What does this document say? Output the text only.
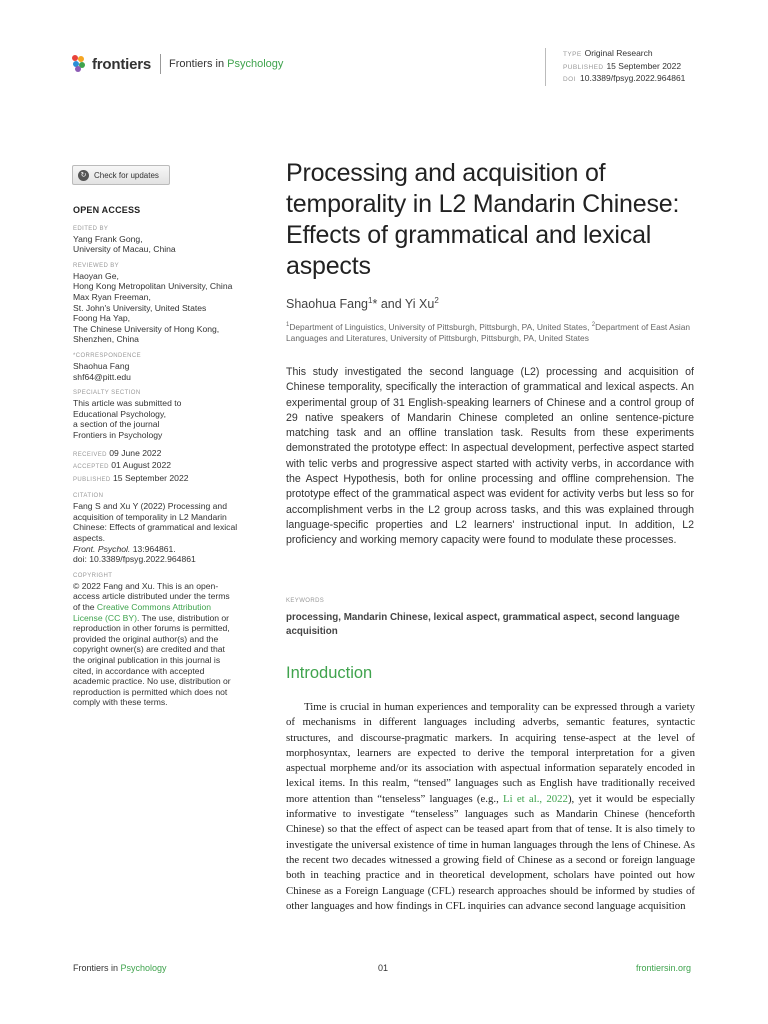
frontiers Frontiers in Psychology
TYPE Original Research
PUBLISHED 15 September 2022
DOI 10.3389/fpsyg.2022.964861
↻ Check for updates
OPEN ACCESS
EDITED BY
Yang Frank Gong,
University of Macau, China
REVIEWED BY
Haoyan Ge,
Hong Kong Metropolitan University, China
Max Ryan Freeman,
St. John's University, United States
Foong Ha Yap,
The Chinese University of Hong Kong,
Shenzhen, China
*CORRESPONDENCE
Shaohua Fang
shf64@pitt.edu
SPECIALTY SECTION
This article was submitted to
Educational Psychology,
a section of the journal
Frontiers in Psychology
RECEIVED 09 June 2022
ACCEPTED 01 August 2022
PUBLISHED 15 September 2022
CITATION
Fang S and Xu Y (2022) Processing and
acquisition of temporality in L2 Mandarin
Chinese: Effects of grammatical and lexical
aspects.
Front. Psychol. 13:964861.
doi: 10.3389/fpsyg.2022.964861
COPYRIGHT
© 2022 Fang and Xu. This is an open-
access article distributed under the terms
of the Creative Commons Attribution
License (CC BY). The use, distribution or
reproduction in other forums is permitted,
provided the original author(s) and the
copyright owner(s) are credited and that
the original publication in this journal is
cited, in accordance with accepted
academic practice. No use, distribution or
reproduction is permitted which does not
comply with these terms.
Processing and acquisition of temporality in L2 Mandarin Chinese: Effects of grammatical and lexical aspects
Shaohua Fang$^1$* and Yi Xu$^2$
$^1$Department of Linguistics, University of Pittsburgh, Pittsburgh, PA, United States, $^2$Department of East Asian Languages and Literatures, University of Pittsburgh, Pittsburgh, PA, United States
This study investigated the second language (L2) processing and acquisition of Chinese temporality, specifically the interaction of grammatical and lexical aspects. An experimental group of 31 English-speaking learners of Chinese and a control group of 29 native speakers of Mandarin Chinese completed an online sentence-picture matching task and an offline translation task. Results from these experiments demonstrated the prototype effect: In aspectual development, perfective aspect started with telic verbs and progressive aspect started with activity verbs, in accordance with the Aspect Hypothesis, both for online processing and offline comprehension. The prototype effect of the grammatical aspect was evident for activity verbs but less so for accomplishment verbs in the L2 group across tasks, and this was explained through language-specific properties and L2 learners' instructional input. In addition, L2 proficiency and working memory capacity were found to modulate these processes.
KEYWORDS
processing, Mandarin Chinese, lexical aspect, grammatical aspect, second language acquisition
Introduction

Time is crucial in human experiences and temporality can be expressed through a variety of mechanisms in different languages including adverbs, semantic features, syntactic structures, and discourse-pragmatic markers. In acquiring tense-aspect at the level of morphosyntax, learners are expected to derive the temporal interpretation for a given aspectual morpheme and/or its association with aspectual information separately encoded in lexical items. In this realm, “tensed” languages such as English have traditionally received more attention than “tenseless” languages (e.g., Li et al., 2022), yet it would be especially informative to investigate “tenseless” languages such as Mandarin Chinese (henceforth Chinese) so that the effect of aspect can be teased apart from that of tense. It is also timely to investigate the universal existence of time in human languages through the lens of Chinese. As the recent two decades witnessed a growing field of Chinese as a second or foreign language both in teaching practice and in theoretical development, scholars have pointed out how Chinese as a Foreign Language (CFL) research approaches should be informed by studies of other languages and how findings in CFL inquiries can advance second language acquisition

Frontiers in Psychology	01	frontiersin.org
